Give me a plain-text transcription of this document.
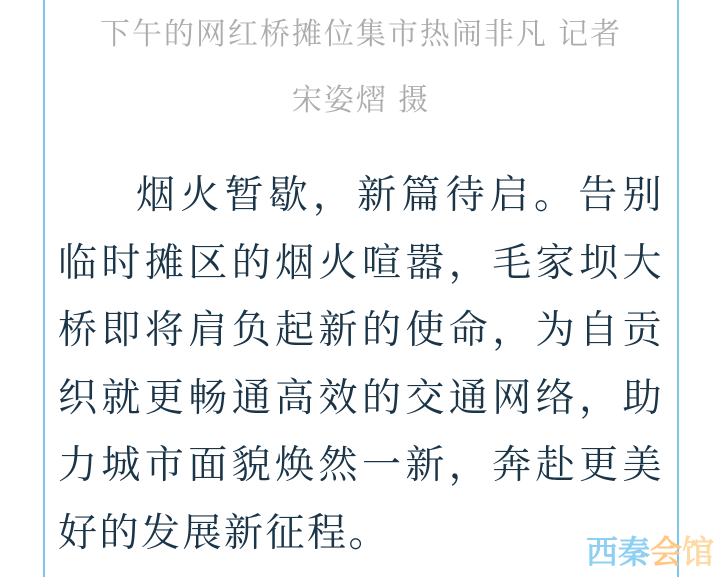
下午的网红桥摊位集市热闹非凡 记者
宋姿熠 摄

烟火暂歇，新篇待启。告别临时摊区的烟火喧嚣，毛家坝大桥即将肩负起新的使命，为自贡织就更畅通高效的交通网络，助力城市面貌焕然一新，奔赴更美好的发展新征程。	西秦会馆
